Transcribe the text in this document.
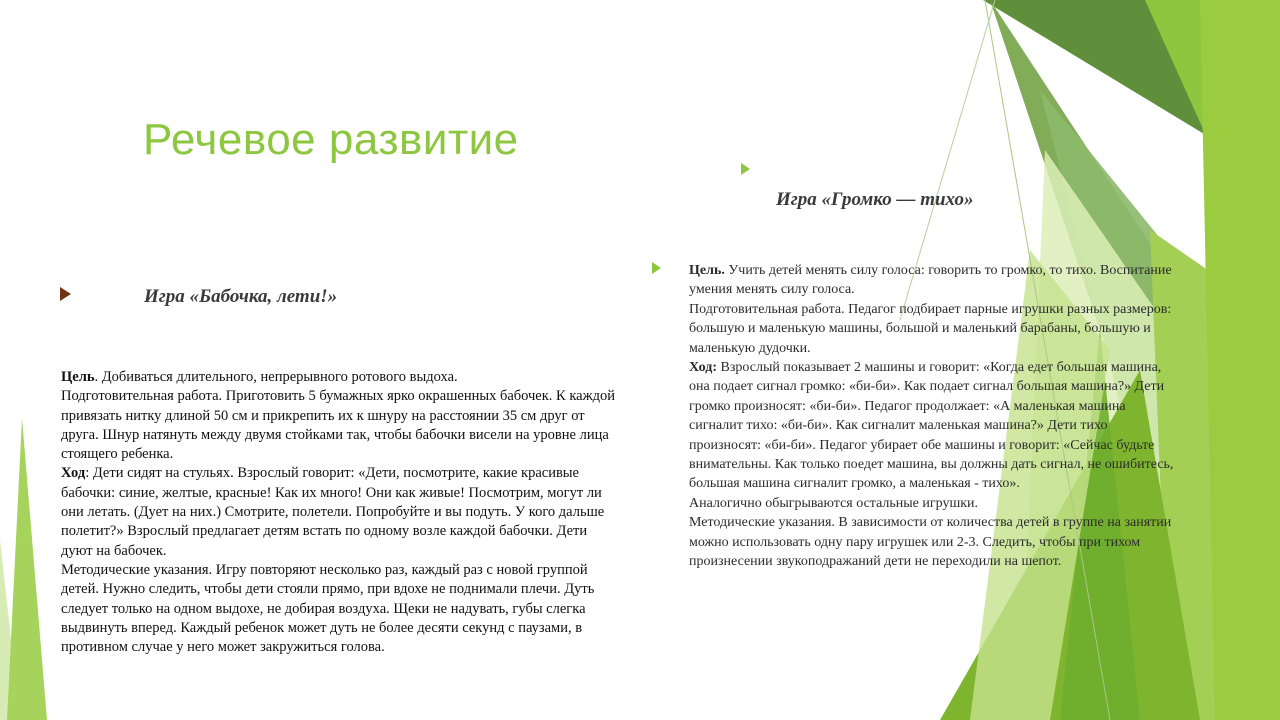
Речевое развитие
Игра «Бабочка, лети!»

Цель. Добиваться длительного, непрерывного ротового выдоха.

Подготовительная работа. Приготовить 5 бумажных ярко окрашенных бабочек. К каждой привязать нитку длиной 50 см и прикрепить их к шнуру на расстоянии 35 см друг от друга. Шнур натянуть между двумя стойками так, чтобы бабочки висели на уровне лица стоящего ребенка.

Ход: Дети сидят на стульях. Взрослый говорит: «Дети, посмотрите, какие красивые бабочки: синие, желтые, красные! Как их много! Они как живые! Посмотрим, могут ли они летать. (Дует на них.) Смотрите, полетели. Попробуйте и вы подуть. У кого дальше полетит?» Взрослый предлагает детям встать по одному возле каждой бабочки. Дети дуют на бабочек.

Методические указания. Игру повторяют несколько раз, каждый раз с новой группой детей. Нужно следить, чтобы дети стояли прямо, при вдохе не поднимали плечи. Дуть следует только на одном выдохе, не добирая воздуха. Щеки не надувать, губы слегка выдвинуть вперед. Каждый ребенок может дуть не более десяти секунд с паузами, в противном случае у него может закружиться голова.

Игра «Громко — тихо»

Цель. Учить детей менять силу голоса: говорить то громко, то тихо. Воспитание умения менять силу голоса.

Подготовительная работа. Педагог подбирает парные игрушки разных размеров: большую и маленькую машины, большой и маленький барабаны, большую и маленькую дудочки.

Ход: Взрослый показывает 2 машины и говорит: «Когда едет большая машина, она подает сигнал громко: «би-би». Как подает сигнал большая машина?» Дети громко произносят: «би-би». Педагог продолжает: «А маленькая машина сигналит тихо: «би-би». Как сигналит маленькая машина?» Дети тихо произносят: «би-би». Педагог убирает обе машины и говорит: «Сейчас будьте внимательны. Как только поедет машина, вы должны дать сигнал, не ошибитесь, большая машина сигналит громко, а маленькая - тихо».

Аналогично обыгрываются остальные игрушки.

Методические указания. В зависимости от количества детей в группе на занятии можно использовать одну пару игрушек или 2-3. Следить, чтобы при тихом произнесении звукоподражаний дети не переходили на шепот.
